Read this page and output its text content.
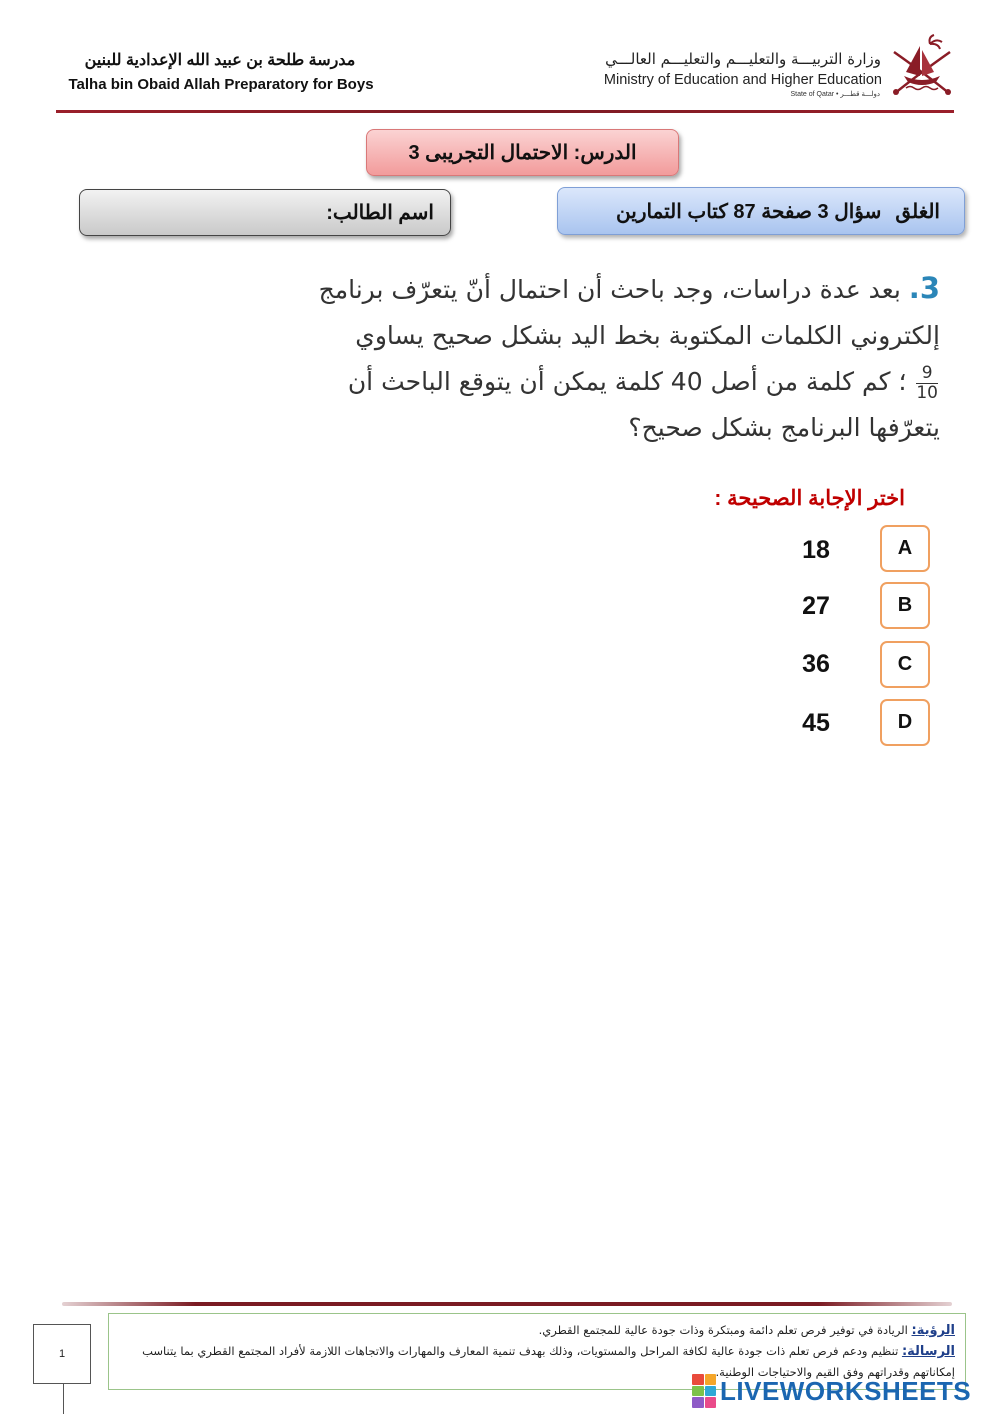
مدرسة طلحة بن عبيد الله الإعدادية للبنين
Talha bin Obaid Allah Preparatory for Boys
وزارة التربيـــة والتعليـــم والتعليـــم العالـــي
Ministry of Education and Higher Education
State of Qatar • دولـــة قطـــر
الدرس: الاحتمال التجريبى 3
الغلق
سؤال 3 صفحة 87 كتاب التمارين
اسم الطالب:
3. بعد عدة دراسات، وجد باحث أن احتمال أنّ يتعرّف برنامج
إلكتروني الكلمات المكتوبة بخط اليد بشكل صحيح يساوي
$\frac{9}{10}$
؛ كم كلمة من أصل 40 كلمة يمكن أن يتوقع الباحث أن
يتعرّفها البرنامج بشكل صحيح؟
اختر الإجابة الصحيحة :
A
18
B
27
C
36
D
45
الرؤية: الريادة في توفير فرص تعلم دائمة ومبتكرة وذات جودة عالية للمجتمع القطري.
الرسالة: تنظيم ودعم فرص تعلم ذات جودة عالية لكافة المراحل والمستويات، وذلك بهدف تنمية المعارف والمهارات والاتجاهات اللازمة لأفراد المجتمع القطري بما يتناسب إمكاناتهم وقدراتهم وفق القيم والاحتياجات الوطنية.
1
LIVEWORKSHEETS
